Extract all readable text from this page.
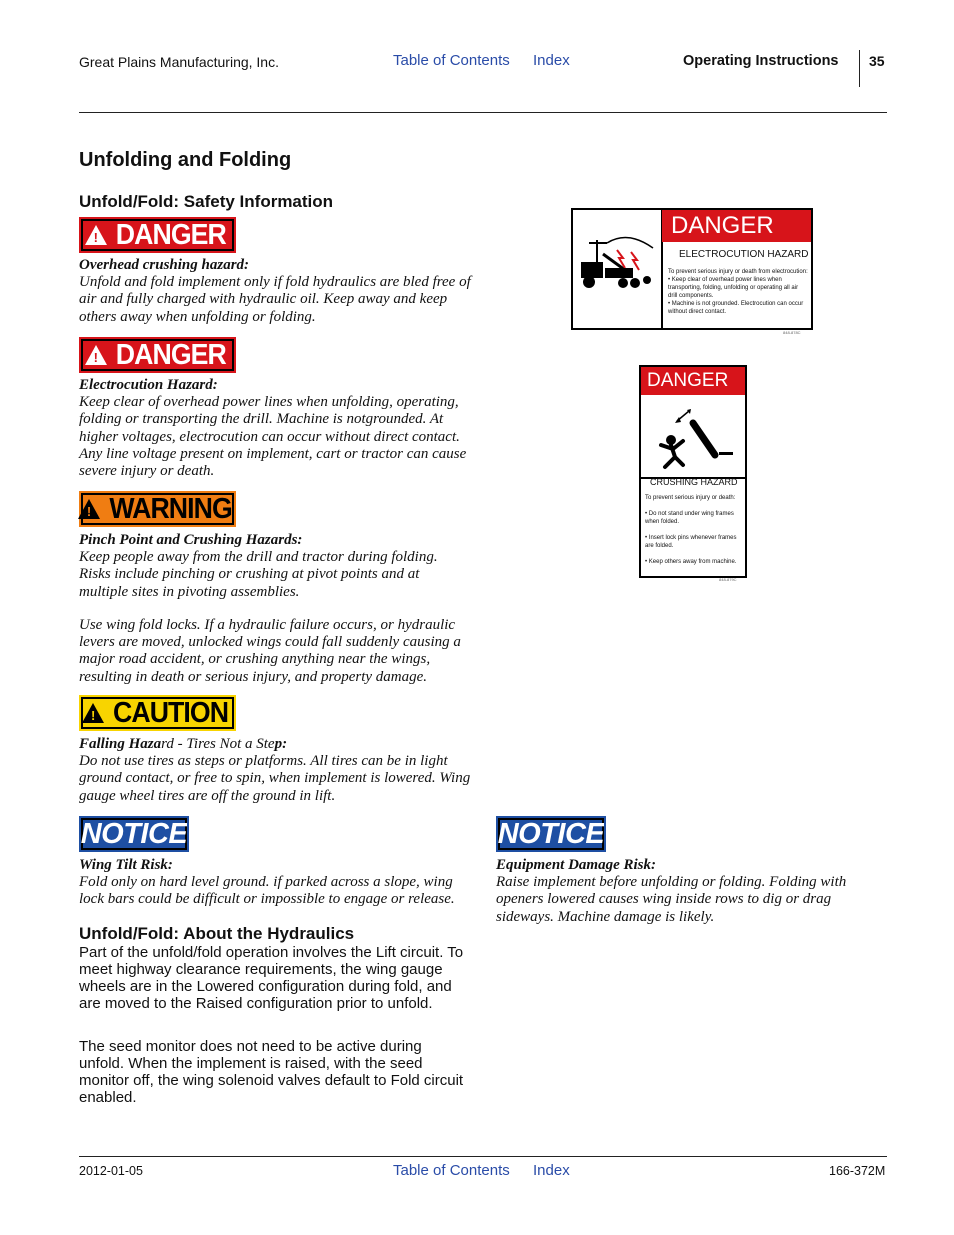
Great Plains Manufacturing, Inc.	Table of Contents Index	Operating Instructions 35
Unfolding and Folding
Unfold/Fold: Safety Information
! DANGER
Overhead crushing hazard:
Unfold and fold implement only if fold hydraulics are bled free of air and fully charged with hydraulic oil. Keep away and keep others away when unfolding or folding.
! DANGER
Electrocution Hazard:
Keep clear of overhead power lines when unfolding, operating, folding or transporting the drill. Machine is notgrounded. At higher voltages, electrocution can occur without direct contact. Any line voltage present on implement, cart or tractor can cause severe injury or death.
! WARNING
Pinch Point and Crushing Hazards:
Keep people away from the drill and tractor during folding. Risks include pinching or crushing at pivot points and at multiple sites in pivoting assemblies.
Use wing fold locks. If a hydraulic failure occurs, or hydraulic levers are moved, unlocked wings could fall suddenly causing a major road accident, or crushing anything near the wings, resulting in death or serious injury, and property damage.
! CAUTION
Falling Hazard - Tires Not a Step:
Do not use tires as steps or platforms. All tires can be in light ground contact, or free to spin, when implement is lowered. Wing gauge wheel tires are off the ground in lift.
NOTICE
Wing Tilt Risk:
Fold only on hard level ground. if parked across a slope, wing lock bars could be difficult or impossible to engage or release.
NOTICE
Equipment Damage Risk:
Raise implement before unfolding or folding. Folding with openers lowered causes wing inside rows to dig or drag sideways. Machine damage is likely.
DANGER
ELECTROCUTION HAZARD
To prevent serious injury or death from electrocution:
• Keep clear of overhead power lines when transporting, folding, unfolding or operating all air drill components.
• Machine is not grounded. Electrocution can occur without direct contact.
848-878C
DANGER
CRUSHING HAZARD
To prevent serious injury or death:
• Do not stand under wing frames when folded.
• Insert lock pins whenever frames are folded.
• Keep others away from machine.
848-879C
Unfold/Fold: About the Hydraulics
Part of the unfold/fold operation involves the Lift circuit. To meet highway clearance requirements, the wing gauge wheels are in the Lowered configuration during fold, and are moved to the Raised configuration prior to unfold.
The seed monitor does not need to be active during unfold. When the implement is raised, with the seed monitor off, the wing solenoid valves default to Fold circuit enabled.
2012-01-05	Table of Contents Index	166-372M
